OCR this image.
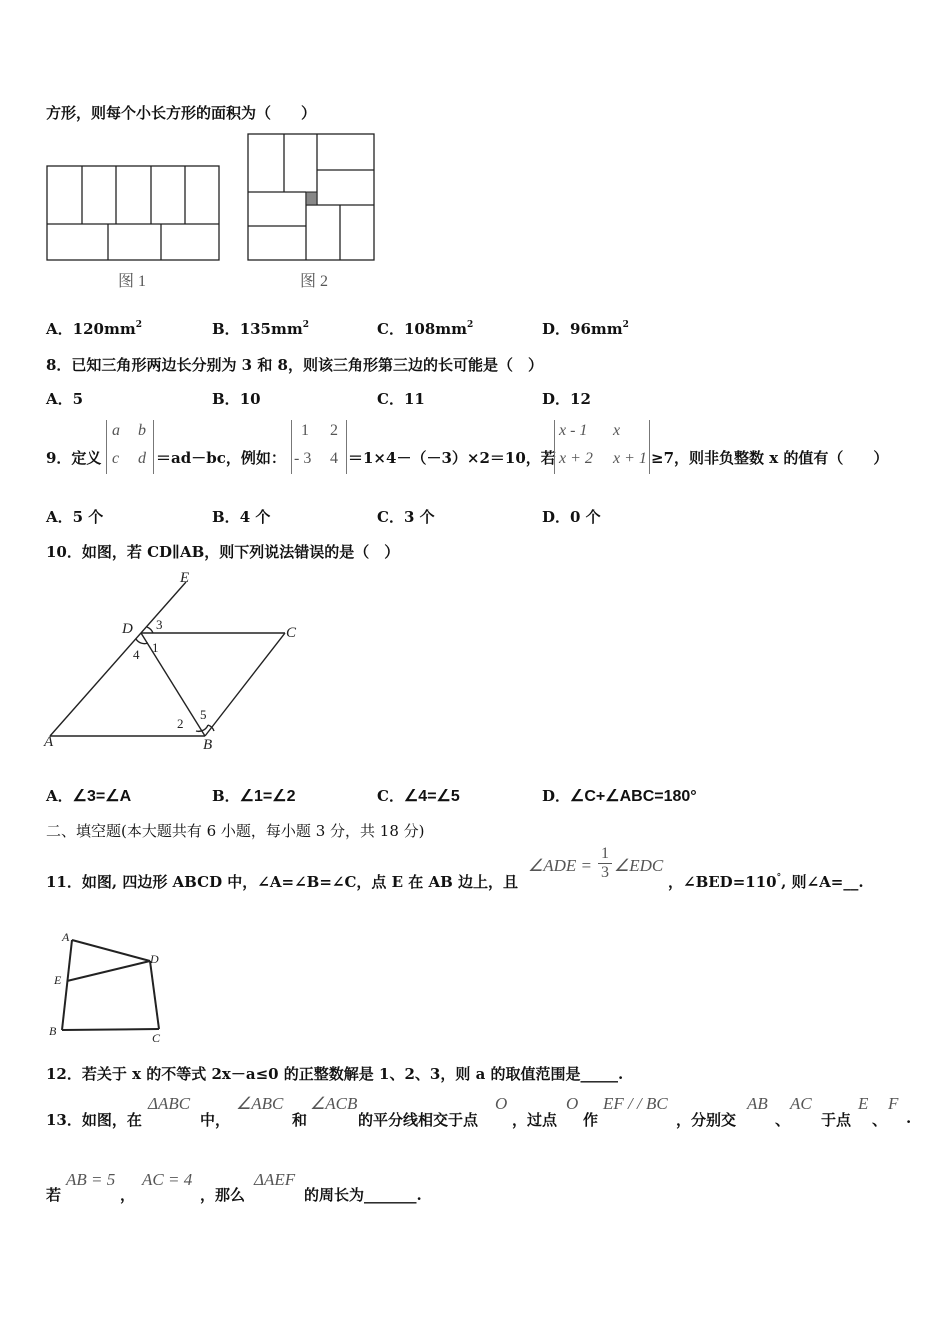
方形，则每个小长方形的面积为（　　）
图 1	图 2
A．$120mm^2$	B．$135mm^2$	C．$108mm^2$	D．$96mm^2$
8．已知三角形两边长分别为 3 和 8，则该三角形第三边的长可能是（　）
A．5	B．10	C．11	D．12
9．定义
a b
c d ＝ad－bc，例如：
1 2
- 3 4 ＝1×4－（－3）×2＝10，若
x - 1 x
x + 2 x + 1 ≥7，则非负整数 x 的值有（　　）
A．5 个	B．4 个	C．3 个	D．0 个
10．如图，若 CD∥AB，则下列说法错误的是（　）
E
D	C
A	B
3
1
4
2
5
A．∠3=∠A	B．∠1=∠2	C．∠4=∠5	D．∠C+∠ABC=180°
二、填空题(本大题共有 6 小题，每小题 3 分，共 18 分)
11．如图, 四边形 ABCD 中，∠A=∠B=∠C，点 E 在 AB 边上，且
∠ADE = $\frac{1}{3}$ ∠EDC
，∠BED=110°, 则∠A=__.
A
D
E
B	C
12．若关于 x 的不等式 2x－a≤0 的正整数解是 1、2、3，则 a 的取值范围是_____.
13．如图，在
ΔABC
中，
∠ABC
和
∠ACB
的平分线相交于点
O
，过点
O
作
EF / / BC
，分别交
AB
、
AC
于点
E
、
F
.
若
AB = 5
，
AC = 4
，那么
ΔAEF
的周长为_______.
